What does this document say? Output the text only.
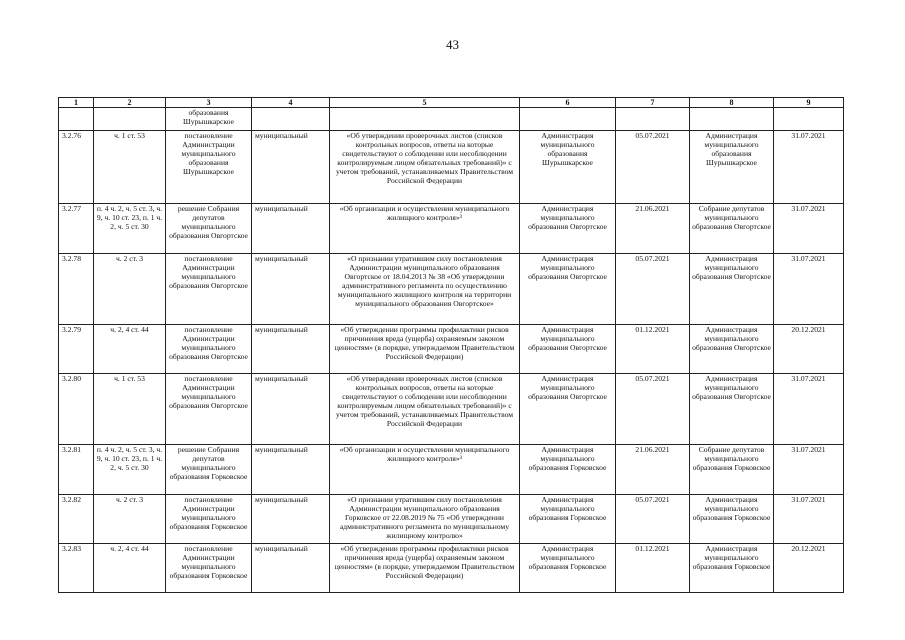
43
1	2	3	4	5	6	7	8	9
		образования Шурышкарское						
3.2.76	ч. 1 ст. 53	постановление Администрации муниципального образования Шурышкарское	муниципальный	«Об утверждении проверочных листов (списков контрольных вопросов, ответы на которые свидетельствуют о соблюдении или несоблюдении контролируемым лицом обязательных требований)» с учетом требований, устанавливаемых Правительством Российской Федерации	Администрация муниципального образования Шурышкарское	05.07.2021	Администрация муниципального образования Шурышкарское	31.07.2021
3.2.77	п. 4 ч. 2, ч. 5 ст. 3, ч. 9, ч. 10 ст. 23, п. 1 ч. 2, ч. 5 ст. 30	решение Собрания депутатов муниципального образования Овгортское	муниципальный	«Об организации и осуществлении муниципального жилищного контроля»³	Администрация муниципального образования Овгортское	21.06.2021	Собрание депутатов муниципального образования Овгортское	31.07.2021
3.2.78	ч. 2 ст. 3	постановление Администрации муниципального образования Овгортское	муниципальный	«О признании утратившим силу постановления Администрации муниципального образования Овгортское от 18.04.2013 № 38 «Об утверждении административного регламента по осуществлению муниципального жилищного контроля на территории муниципального образования Овгортское»	Администрация муниципального образования Овгортское	05.07.2021	Администрация муниципального образования Овгортское	31.07.2021
3.2.79	ч. 2, 4 ст. 44	постановление Администрации муниципального образования Овгортское	муниципальный	«Об утверждении программы профилактики рисков причинения вреда (ущерба) охраняемым законом ценностям» (в порядке, утверждаемом Правительством Российской Федерации)	Администрация муниципального образования Овгортское	01.12.2021	Администрация муниципального образования Овгортское	20.12.2021
3.2.80	ч. 1 ст. 53	постановление Администрации муниципального образования Овгортское	муниципальный	«Об утверждении проверочных листов (списков контрольных вопросов, ответы на которые свидетельствуют о соблюдении или несоблюдении контролируемым лицом обязательных требований)» с учетом требований, устанавливаемых Правительством Российской Федерации	Администрация муниципального образования Овгортское	05.07.2021	Администрация муниципального образования Овгортское	31.07.2021
3.2.81	п. 4 ч. 2, ч. 5 ст. 3, ч. 9, ч. 10 ст. 23, п. 1 ч. 2, ч. 5 ст. 30	решение Собрания депутатов муниципального образования Горковское	муниципальный	«Об организации и осуществлении муниципального жилищного контроля»³	Администрация муниципального образования Горковское	21.06.2021	Собрание депутатов муниципального образования Горковское	31.07.2021
3.2.82	ч. 2 ст. 3	постановление Администрации муниципального образования Горковское	муниципальный	«О признании утратившим силу постановления Администрации муниципального образования Горковское от 22.08.2019 № 75 «Об утверждении административного регламента по муниципальному жилищному контролю»	Администрация муниципального образования Горковское	05.07.2021	Администрация муниципального образования Горковское	31.07.2021
3.2.83	ч. 2, 4 ст. 44	постановление Администрации муниципального образования Горковское	муниципальный	«Об утверждении программы профилактики рисков причинения вреда (ущерба) охраняемым законом ценностям» (в порядке, утверждаемом Правительством Российской Федерации)	Администрация муниципального образования Горковское	01.12.2021	Администрация муниципального образования Горковское	20.12.2021
